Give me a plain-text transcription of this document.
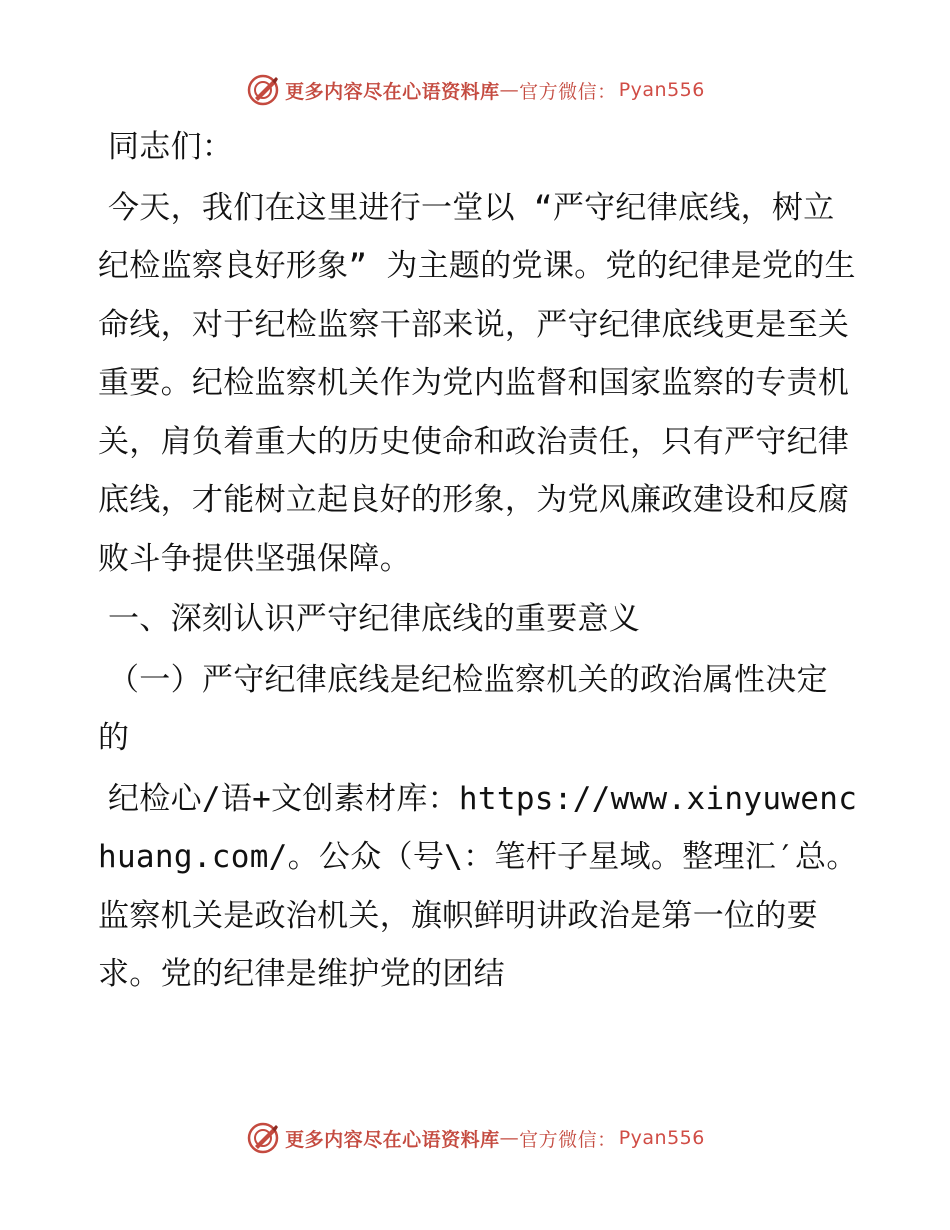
更多内容尽在心语资料库 — 官方微信： Pyan556

同志们：

今天，我们在这里进行一堂以 “严守纪律底线，树立纪检监察良好形象” 为主题的党课。党的纪律是党的生命线，对于纪检监察干部来说，严守纪律底线更是至关重要。纪检监察机关作为党内监督和国家监察的专责机关，肩负着重大的历史使命和政治责任，只有严守纪律底线，才能树立起良好的形象，为党风廉政建设和反腐败斗争提供坚强保障。

一、深刻认识严守纪律底线的重要意义

（一）严守纪律底线是纪检监察机关的政治属性决定的

纪检心/语+文创素材库：https://www.xinyuwenchuang.com/。公众（号\：笔杆子星域。整理汇′总。监察机关是政治机关，旗帜鲜明讲政治是第一位的要求。党的纪律是维护党的团结

更多内容尽在心语资料库 — 官方微信： Pyan556
